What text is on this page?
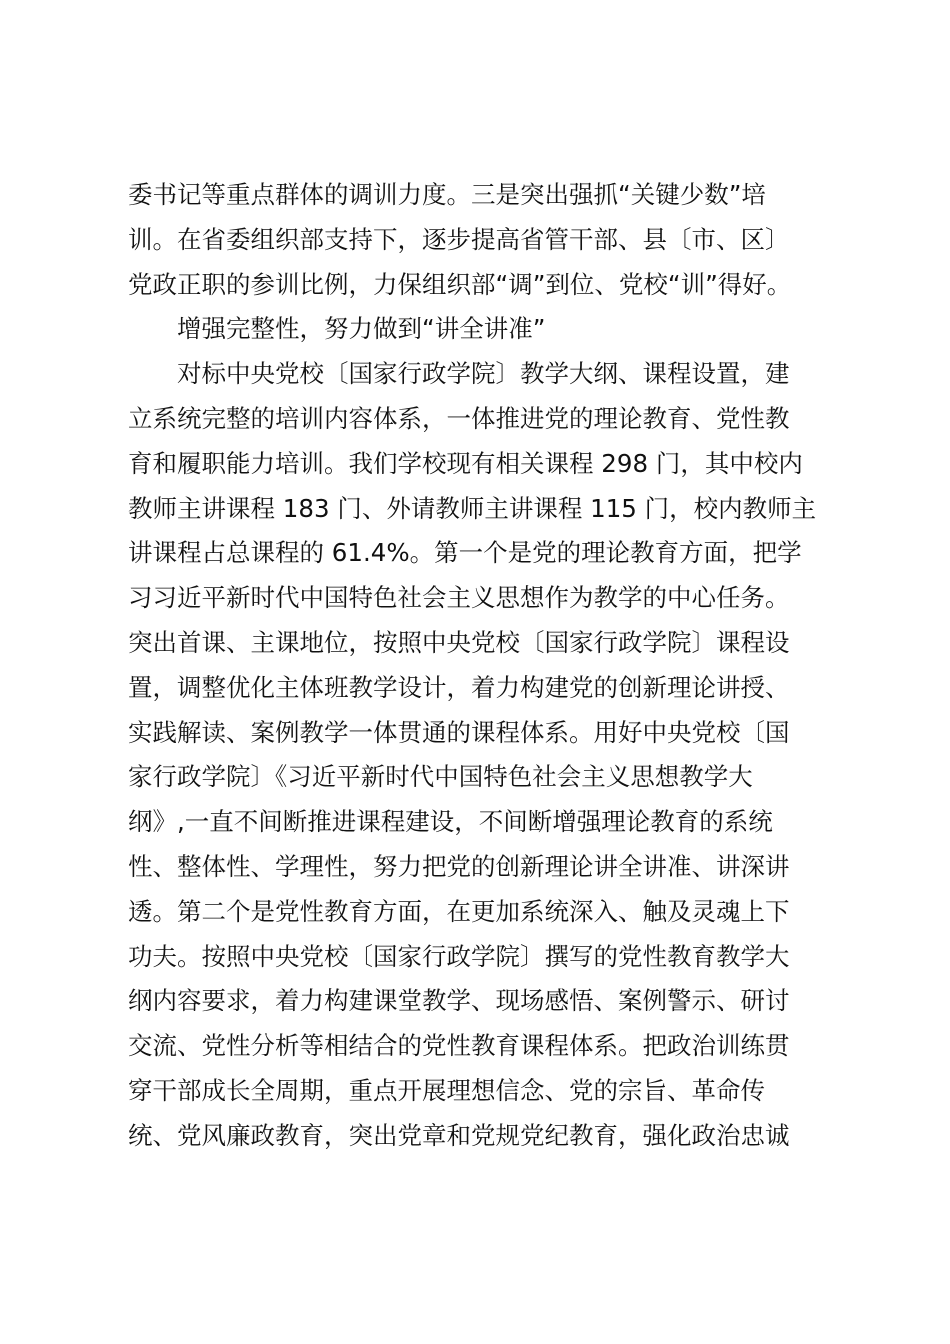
委书记等重点群体的调训力度。三是突出强抓“关键少数”培
训。在省委组织部支持下，逐步提高省管干部、县〔市、区〕
党政正职的参训比例，力保组织部“调”到位、党校“训”得好。
　　增强完整性，努力做到“讲全讲准”
　　对标中央党校〔国家行政学院〕教学大纲、课程设置，建
立系统完整的培训内容体系，一体推进党的理论教育、党性教
育和履职能力培训。我们学校现有相关课程 298 门，其中校内
教师主讲课程 183 门、外请教师主讲课程 115 门，校内教师主
讲课程占总课程的 61.4%。第一个是党的理论教育方面，把学
习习近平新时代中国特色社会主义思想作为教学的中心任务。
突出首课、主课地位，按照中央党校〔国家行政学院〕课程设
置，调整优化主体班教学设计，着力构建党的创新理论讲授、
实践解读、案例教学一体贯通的课程体系。用好中央党校〔国
家行政学院〕《习近平新时代中国特色社会主义思想教学大
纲》,一直不间断推进课程建设，不间断增强理论教育的系统
性、整体性、学理性，努力把党的创新理论讲全讲准、讲深讲
透。第二个是党性教育方面，在更加系统深入、触及灵魂上下
功夫。按照中央党校〔国家行政学院〕撰写的党性教育教学大
纲内容要求，着力构建课堂教学、现场感悟、案例警示、研讨
交流、党性分析等相结合的党性教育课程体系。把政治训练贯
穿干部成长全周期，重点开展理想信念、党的宗旨、革命传
统、党风廉政教育，突出党章和党规党纪教育，强化政治忠诚
